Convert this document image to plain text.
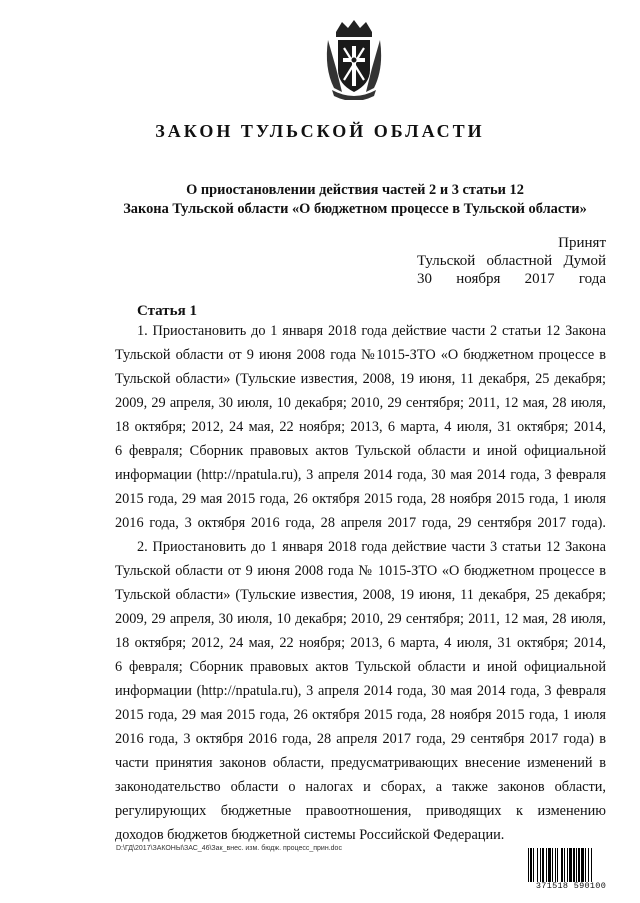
ЗАКОН ТУЛЬСКОЙ ОБЛАСТИ
О приостановлении действия частей 2 и 3 статьи 12
Закона Тульской области «О бюджетном процессе в Тульской области»
Принят
Тульской областной Думой
30 ноября 2017 года
Статья 1
1. Приостановить до 1 января 2018 года действие части 2 статьи 12 Закона
Тульской области от 9 июня 2008 года №1015-ЗТО «О бюджетном процессе в
Тульской области» (Тульские известия, 2008, 19 июня, 11 декабря, 25 декабря;
2009, 29 апреля, 30 июля, 10 декабря; 2010, 29 сентября; 2011, 12 мая, 28 июля,
18 октября; 2012, 24 мая, 22 ноября; 2013, 6 марта, 4 июля, 31 октября; 2014,
6 февраля; Сборник правовых актов Тульской области и иной официальной
информации (http://npatula.ru), 3 апреля 2014 года, 30 мая 2014 года, 3 февраля
2015 года, 29 мая 2015 года, 26 октября 2015 года, 28 ноября 2015 года, 1 июля
2016 года, 3 октября 2016 года, 28 апреля 2017 года, 29 сентября 2017 года).
2. Приостановить до 1 января 2018 года действие части 3 статьи 12 Закона
Тульской области от 9 июня 2008 года № 1015-ЗТО «О бюджетном процессе в
Тульской области» (Тульские известия, 2008, 19 июня, 11 декабря, 25 декабря;
2009, 29 апреля, 30 июля, 10 декабря; 2010, 29 сентября; 2011, 12 мая, 28 июля,
18 октября; 2012, 24 мая, 22 ноября; 2013, 6 марта, 4 июля, 31 октября; 2014,
6 февраля; Сборник правовых актов Тульской области и иной официальной
информации (http://npatula.ru), 3 апреля 2014 года, 30 мая 2014 года, 3 февраля
2015 года, 29 мая 2015 года, 26 октября 2015 года, 28 ноября 2015 года, 1 июля
2016 года, 3 октября 2016 года, 28 апреля 2017 года, 29 сентября 2017 года) в
части принятия законов области, предусматривающих внесение изменений в
законодательство области о налогах и сборах, а также законов области,
регулирующих бюджетные правоотношения, приводящих к изменению
доходов бюджетов бюджетной системы Российской Федерации.
D:\ГД\2017\ЗАКОНЫ\ЗАС_46\Зак_внес. изм. бюдж. процесс_прин.doc
371518 590100
